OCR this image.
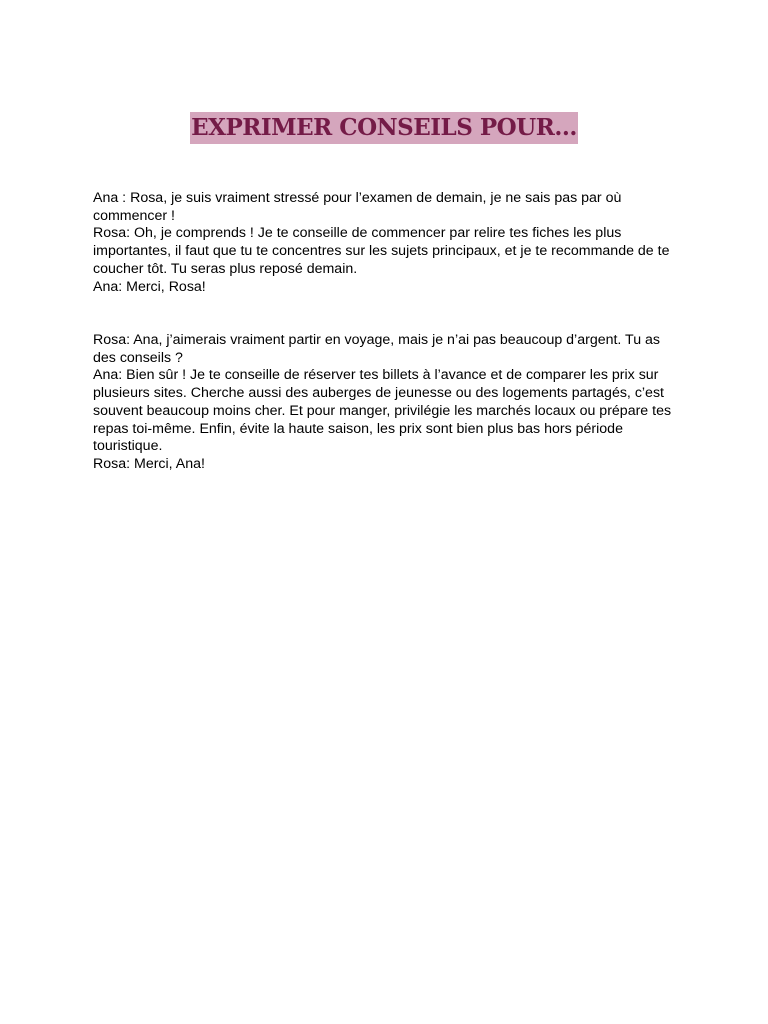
EXPRIMER CONSEILS POUR...
Ana : Rosa, je suis vraiment stressé pour l’examen de demain, je ne sais pas par où
commencer !
Rosa: Oh, je comprends ! Je te conseille de commencer par relire tes fiches les plus
importantes, il faut que tu te concentres sur les sujets principaux, et je te recommande de te
coucher tôt. Tu seras plus reposé demain.
Ana: Merci, Rosa!
Rosa: Ana, j’aimerais vraiment partir en voyage, mais je n’ai pas beaucoup d’argent. Tu as
des conseils ?
Ana: Bien sûr ! Je te conseille de réserver tes billets à l’avance et de comparer les prix sur
plusieurs sites. Cherche aussi des auberges de jeunesse ou des logements partagés, c’est
souvent beaucoup moins cher. Et pour manger, privilégie les marchés locaux ou prépare tes
repas toi-même. Enfin, évite la haute saison, les prix sont bien plus bas hors période
touristique.
Rosa: Merci, Ana!
